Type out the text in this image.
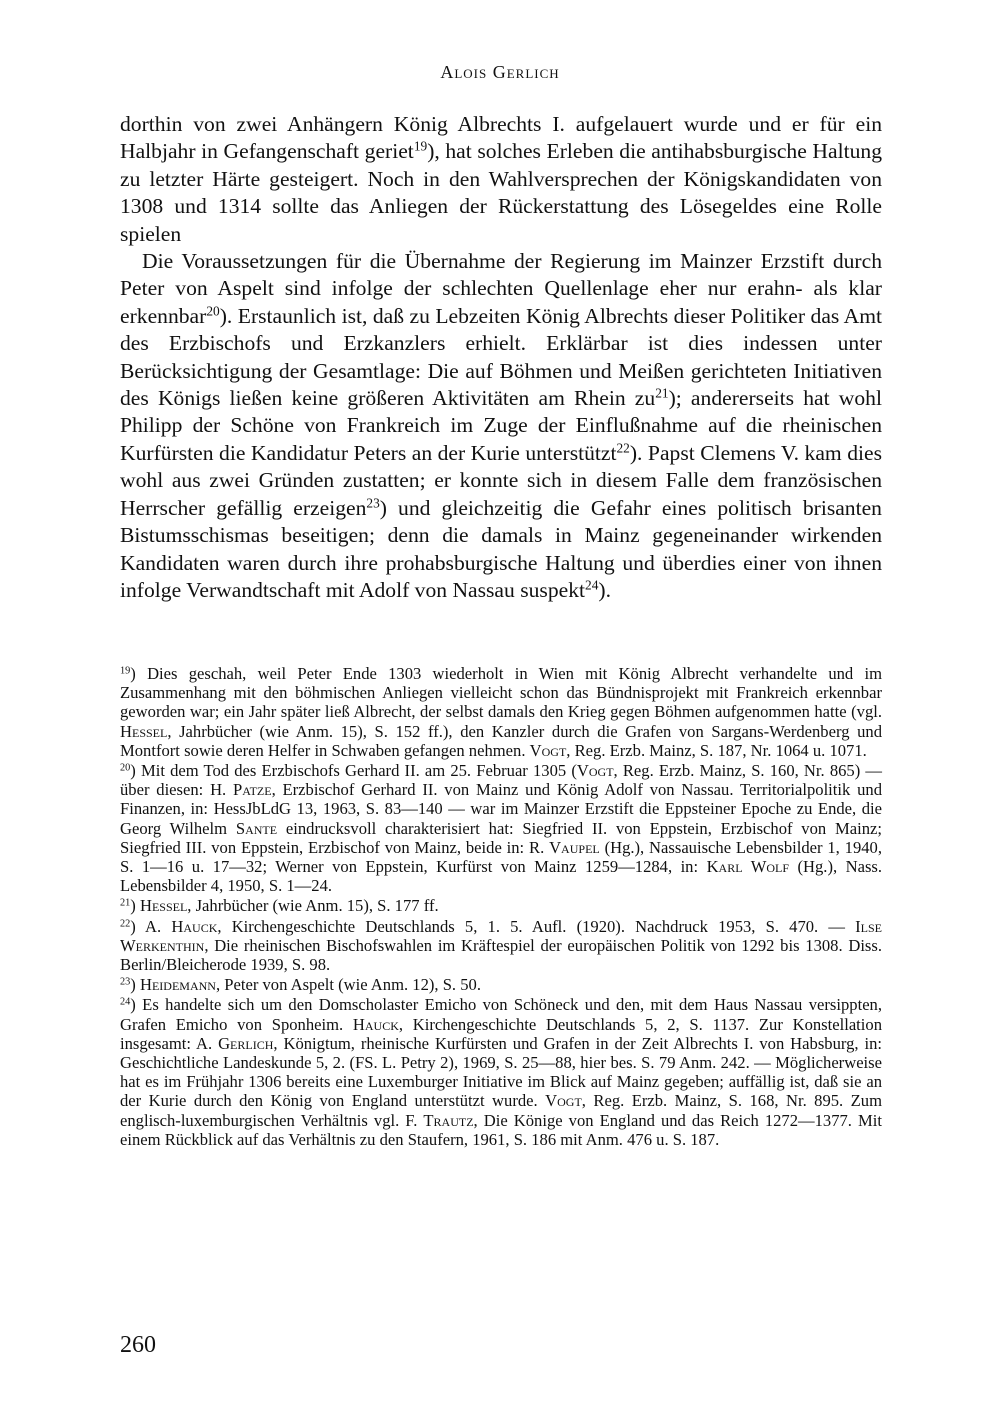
Alois Gerlich

dorthin von zwei Anhängern König Albrechts I. aufgelauert wurde und er für ein Halbjahr in Gefangenschaft geriet$^{19}$), hat solches Erleben die antihabsburgische Haltung zu letzter Härte gesteigert. Noch in den Wahlversprechen der Königskandidaten von 1308 und 1314 sollte das Anliegen der Rückerstattung des Lösegeldes eine Rolle spielen

Die Voraussetzungen für die Übernahme der Regierung im Mainzer Erzstift durch Peter von Aspelt sind infolge der schlechten Quellenlage eher nur erahn- als klar erkennbar$^{20}$). Erstaunlich ist, daß zu Lebzeiten König Albrechts dieser Politiker das Amt des Erzbischofs und Erzkanzlers erhielt. Erklärbar ist dies indessen unter Berücksichtigung der Gesamtlage: Die auf Böhmen und Meißen gerichteten Initiativen des Königs ließen keine größeren Aktivitäten am Rhein $zu^{21}$); andererseits hat wohl Philipp der Schöne von Frankreich im Zuge der Einflußnahme auf die rheinischen Kurfürsten die Kandidatur Peters an der Kurie unterstützt$^{22}$). Papst Clemens V. kam dies wohl aus zwei Gründen zustatten; er konnte sich in diesem Falle dem französischen Herrscher gefällig erzeigen$^{23}$) und gleichzeitig die Gefahr eines politisch brisanten Bistumsschismas beseitigen; denn die damals in Mainz gegeneinander wirkenden Kandidaten waren durch ihre prohabsburgische Haltung und überdies einer von ihnen infolge Verwandtschaft mit Adolf von Nassau suspekt$^{24}$).

$^{19}$) Dies geschah, weil Peter Ende 1303 wiederholt in Wien mit König Albrecht verhandelte und im Zusammenhang mit den böhmischen Anliegen vielleicht schon das Bündnisprojekt mit Frankreich erkennbar geworden war; ein Jahr später ließ Albrecht, der selbst damals den Krieg gegen Böhmen aufgenommen hatte (vgl. Hessel, Jahrbücher (wie Anm. 15), S. 152 ff.), den Kanzler durch die Grafen von Sargans-Werdenberg und Montfort sowie deren Helfer in Schwaben gefangen nehmen. Vogt, Reg. Erzb. Mainz, S. 187, Nr. 1064 u. 1071.

$^{20}$) Mit dem Tod des Erzbischofs Gerhard II. am 25. Februar 1305 (Vogt, Reg. Erzb. Mainz, S. 160, Nr. 865) — über diesen: H. Patze, Erzbischof Gerhard II. von Mainz und König Adolf von Nassau. Territorialpolitik und Finanzen, in: HessJbLdG 13, 1963, S. 83—140 — war im Mainzer Erzstift die Eppsteiner Epoche zu Ende, die Georg Wilhelm Sante eindrucksvoll charakterisiert hat: Siegfried II. von Eppstein, Erzbischof von Mainz; Siegfried III. von Eppstein, Erzbischof von Mainz, beide in: R. Vaupel (Hg.), Nassauische Lebensbilder 1, 1940, S. 1—16 u. 17—32; Werner von Eppstein, Kurfürst von Mainz 1259—1284, in: Karl Wolf (Hg.), Nass. Lebensbilder 4, 1950, S. 1—24.

$^{21}$) Hessel, Jahrbücher (wie Anm. 15), S. 177 ff.

$^{22}$) A. Hauck, Kirchengeschichte Deutschlands 5, 1. 5. Aufl. (1920). Nachdruck 1953, S. 470. — Ilse Werkenthin, Die rheinischen Bischofswahlen im Kräftespiel der europäischen Politik von 1292 bis 1308. Diss. Berlin/Bleicherode 1939, S. 98.

$^{23}$) Heidemann, Peter von Aspelt (wie Anm. 12), S. 50.

$^{24}$) Es handelte sich um den Domscholaster Emicho von Schöneck und den, mit dem Haus Nassau versippten, Grafen Emicho von Sponheim. Hauck, Kirchengeschichte Deutschlands 5, 2, S. 1137. Zur Konstellation insgesamt: A. Gerlich, Königtum, rheinische Kurfürsten und Grafen in der Zeit Albrechts I. von Habsburg, in: Geschichtliche Landeskunde 5, 2. (FS. L. Petry 2), 1969, S. 25—88, hier bes. S. 79 Anm. 242. — Möglicherweise hat es im Frühjahr 1306 bereits eine Luxemburger Initiative im Blick auf Mainz gegeben; auffällig ist, daß sie an der Kurie durch den König von England unterstützt wurde. Vogt, Reg. Erzb. Mainz, S. 168, Nr. 895. Zum englisch-luxemburgischen Verhältnis vgl. F. Trautz, Die Könige von England und das Reich 1272—1377. Mit einem Rückblick auf das Verhältnis zu den Staufern, 1961, S. 186 mit Anm. 476 u. S. 187.

260
